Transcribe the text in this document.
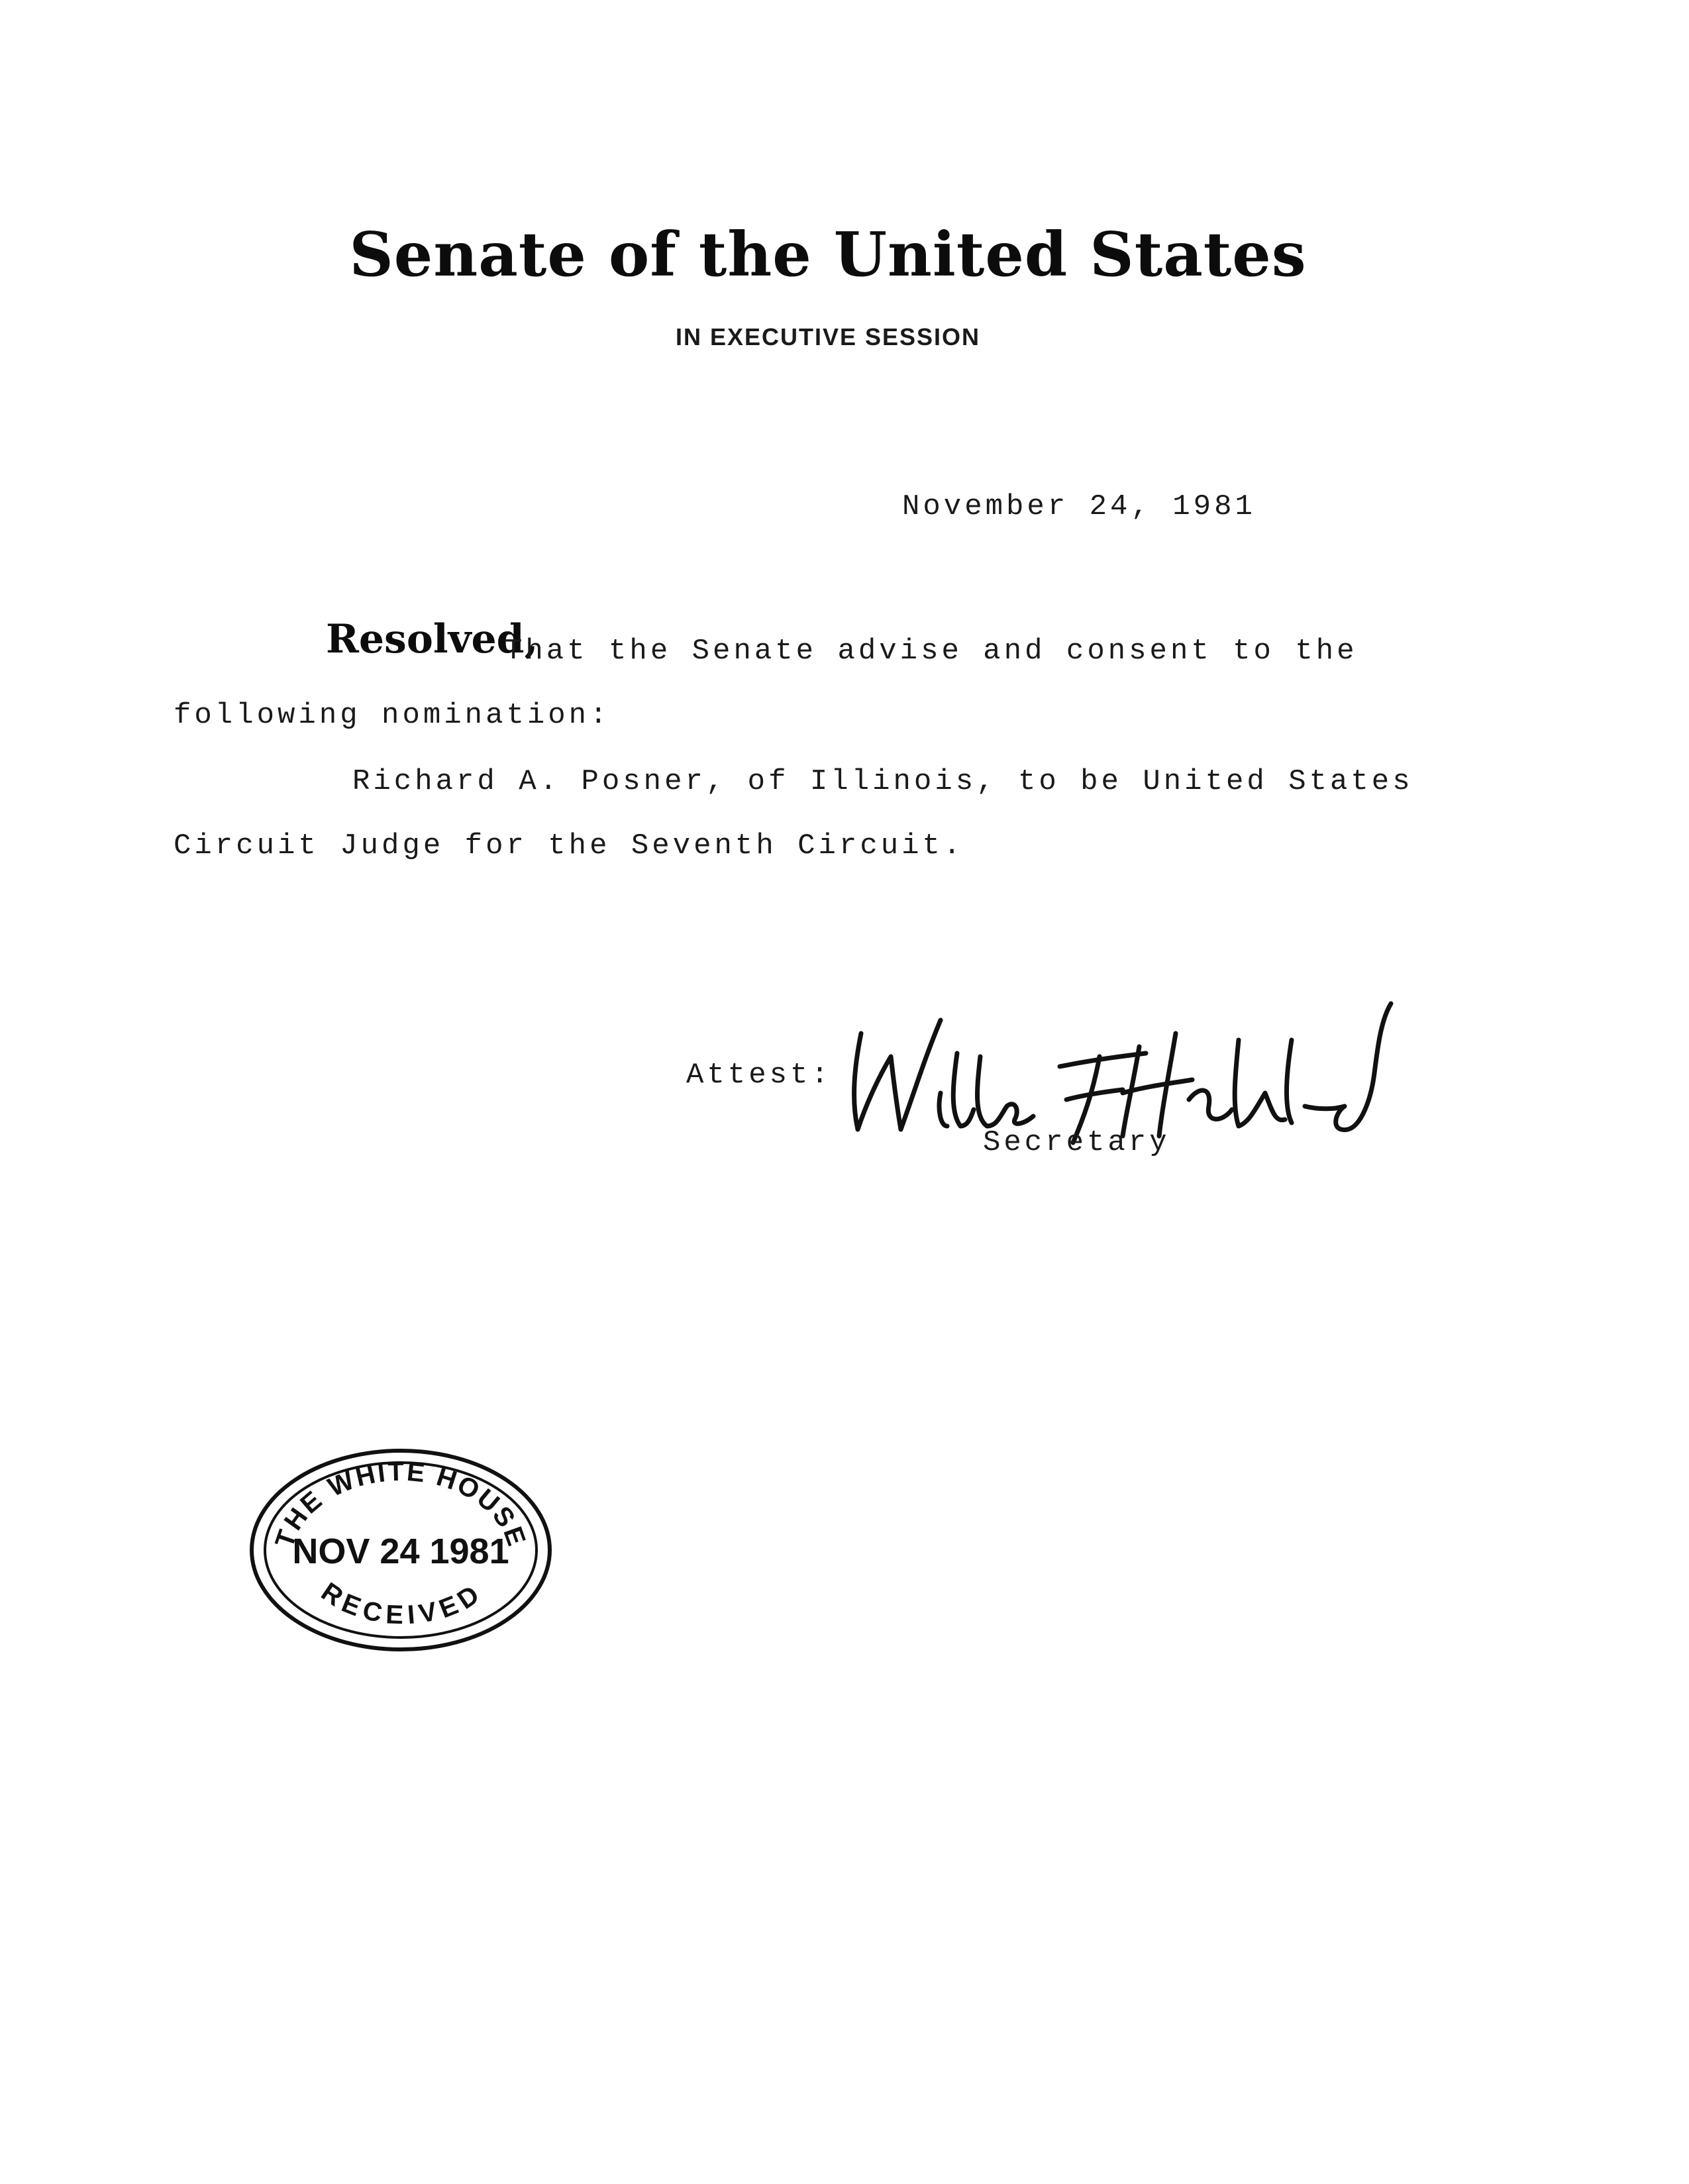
Senate of the United States
IN EXECUTIVE SESSION
November 24, 1981
Resolved,
That the Senate advise and consent to the
following nomination:
Richard A. Posner, of Illinois, to be United States
Circuit Judge for the Seventh Circuit.
Attest:
Secretary
THE WHITE HOUSE
NOV 24 1981
RECEIVED
